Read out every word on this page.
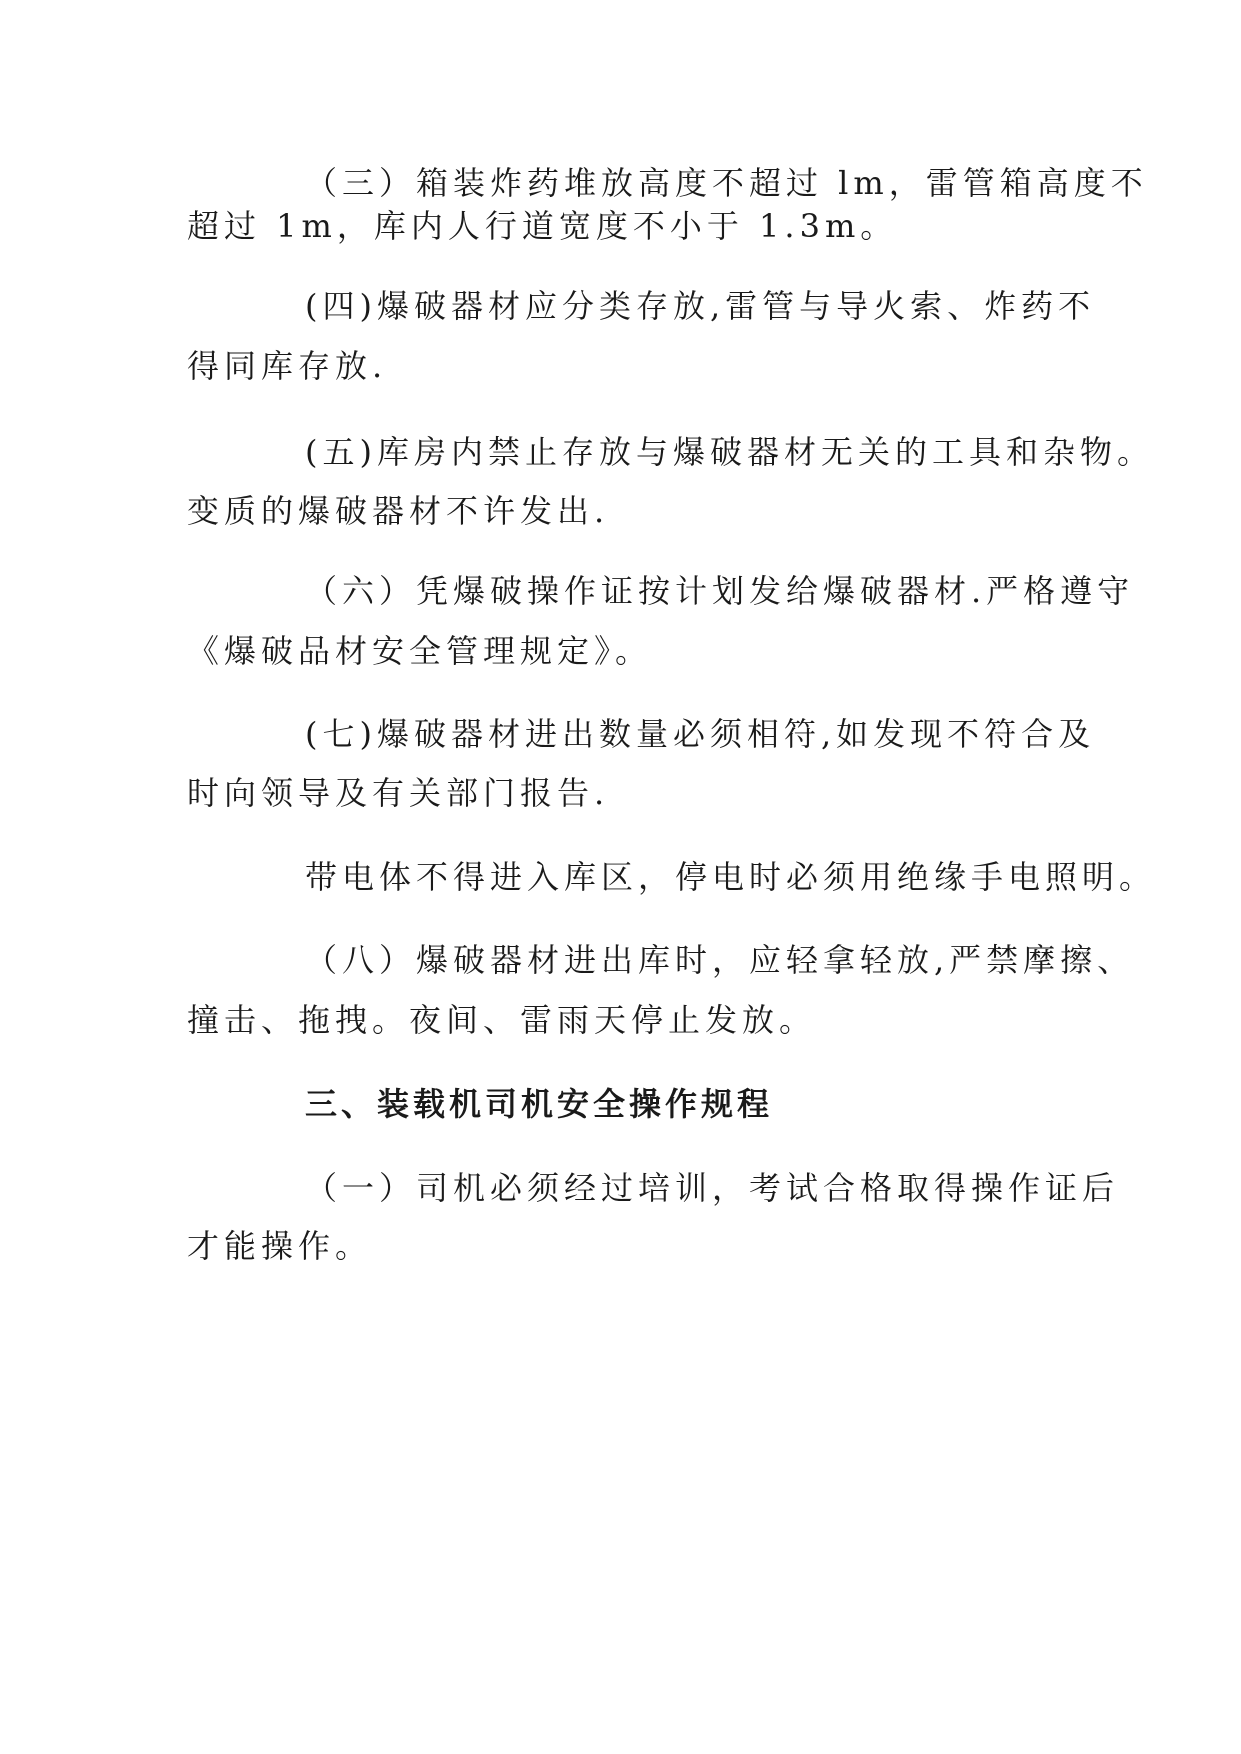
（三）箱装炸药堆放高度不超过 lm，雷管箱高度不
超过 1m，库内人行道宽度不小于 1.3m。
(四)爆破器材应分类存放,雷管与导火索、炸药不
得同库存放.
(五)库房内禁止存放与爆破器材无关的工具和杂物。
变质的爆破器材不许发出.
（六）凭爆破操作证按计划发给爆破器材.严格遵守
《爆破品材安全管理规定》。
(七)爆破器材进出数量必须相符,如发现不符合及
时向领导及有关部门报告.
带电体不得进入库区，停电时必须用绝缘手电照明。
（八）爆破器材进出库时，应轻拿轻放,严禁摩擦、
撞击、拖拽。夜间、雷雨天停止发放。
三、装载机司机安全操作规程
（一）司机必须经过培训，考试合格取得操作证后
才能操作。
